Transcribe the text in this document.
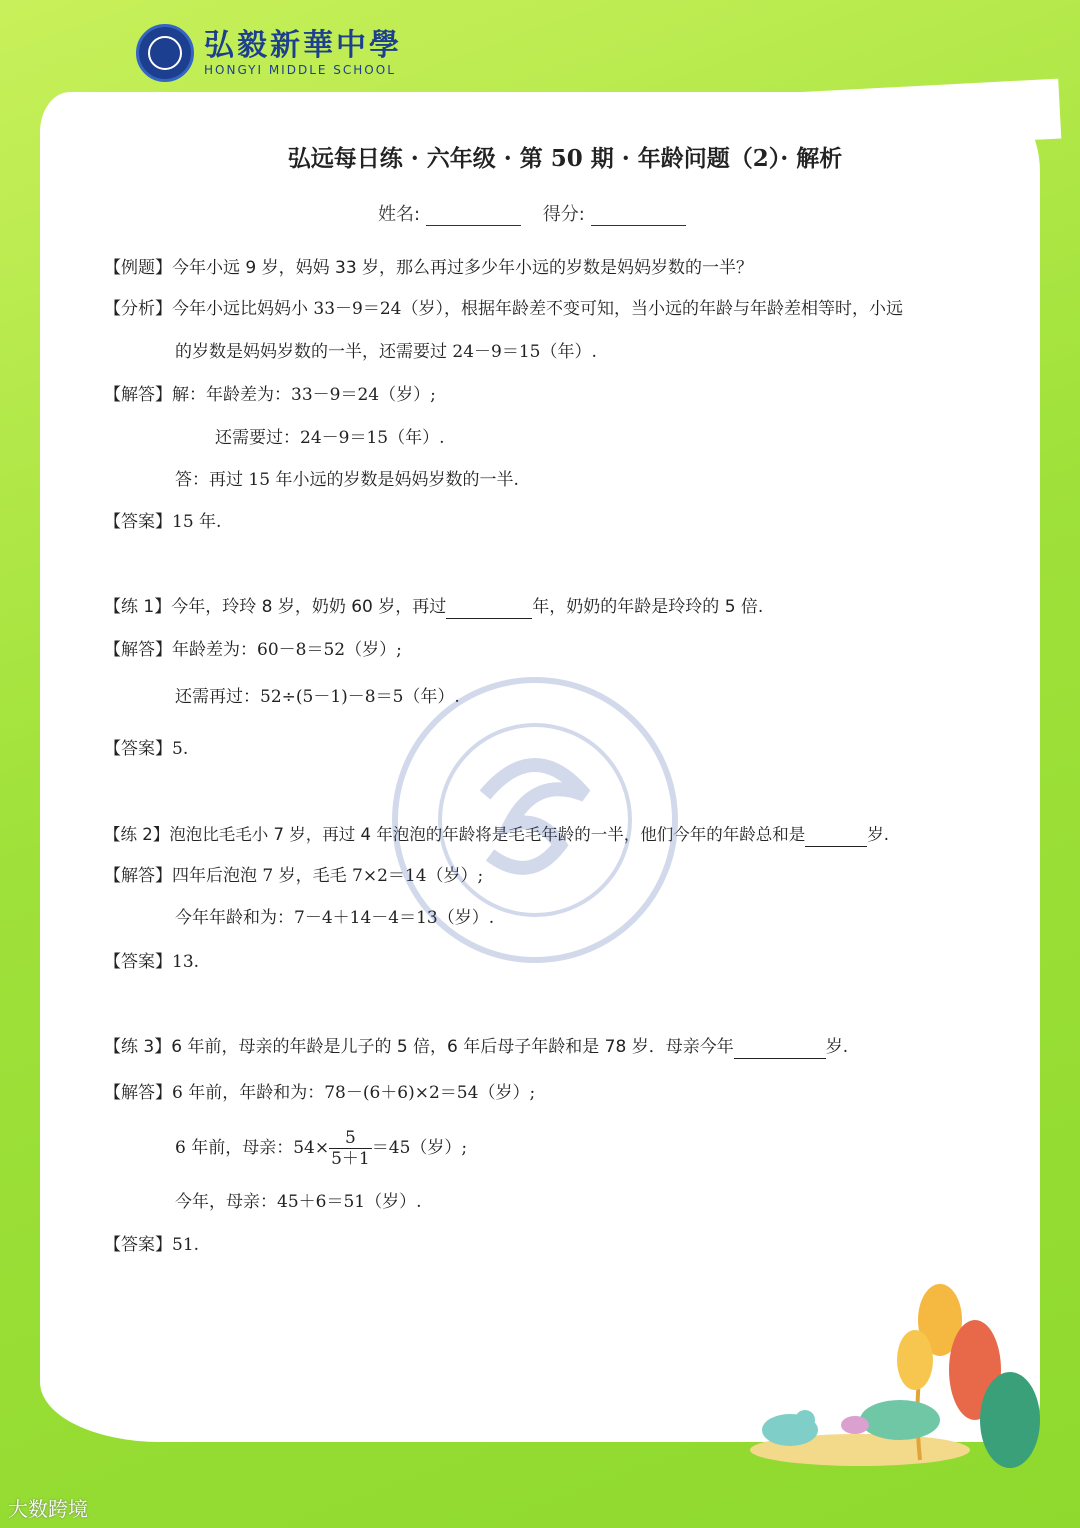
弘毅新華中學
HONGYI MIDDLE SCHOOL
弘远每日练 · 六年级 · 第 50 期 · 年龄问题（2）· 解析
姓名:	得分:
【例题】今年小远 9 岁，妈妈 33 岁，那么再过多少年小远的岁数是妈妈岁数的一半？
【分析】今年小远比妈妈小 33－9＝24（岁），根据年龄差不变可知，当小远的年龄与年龄差相等时，小远
的岁数是妈妈岁数的一半，还需要过 24－9＝15（年）.
【解答】解：年龄差为：33－9＝24（岁）;
还需要过：24－9＝15（年）.
答：再过 15 年小远的岁数是妈妈岁数的一半.
【答案】15 年.
【练 1】今年，玲玲 8 岁，奶奶 60 岁，再过	年，奶奶的年龄是玲玲的 5 倍.
【解答】年龄差为：60－8＝52（岁）;
还需再过：52÷(5－1)－8＝5（年）.
【答案】5.
【练 2】泡泡比毛毛小 7 岁，再过 4 年泡泡的年龄将是毛毛年龄的一半，他们今年的年龄总和是	岁.
【解答】四年后泡泡 7 岁，毛毛 7×2＝14（岁）;
今年年龄和为：7－4＋14－4＝13（岁）.
【答案】13.
【练 3】6 年前，母亲的年龄是儿子的 5 倍，6 年后母子年龄和是 78 岁．母亲今年	岁.
【解答】6 年前，年龄和为：78－(6＋6)×2＝54（岁）;
6 年前，母亲：$54\times \frac{5}{5+1} =45$（岁）;
今年，母亲：45＋6＝51（岁）.
【答案】51.
大数跨境
